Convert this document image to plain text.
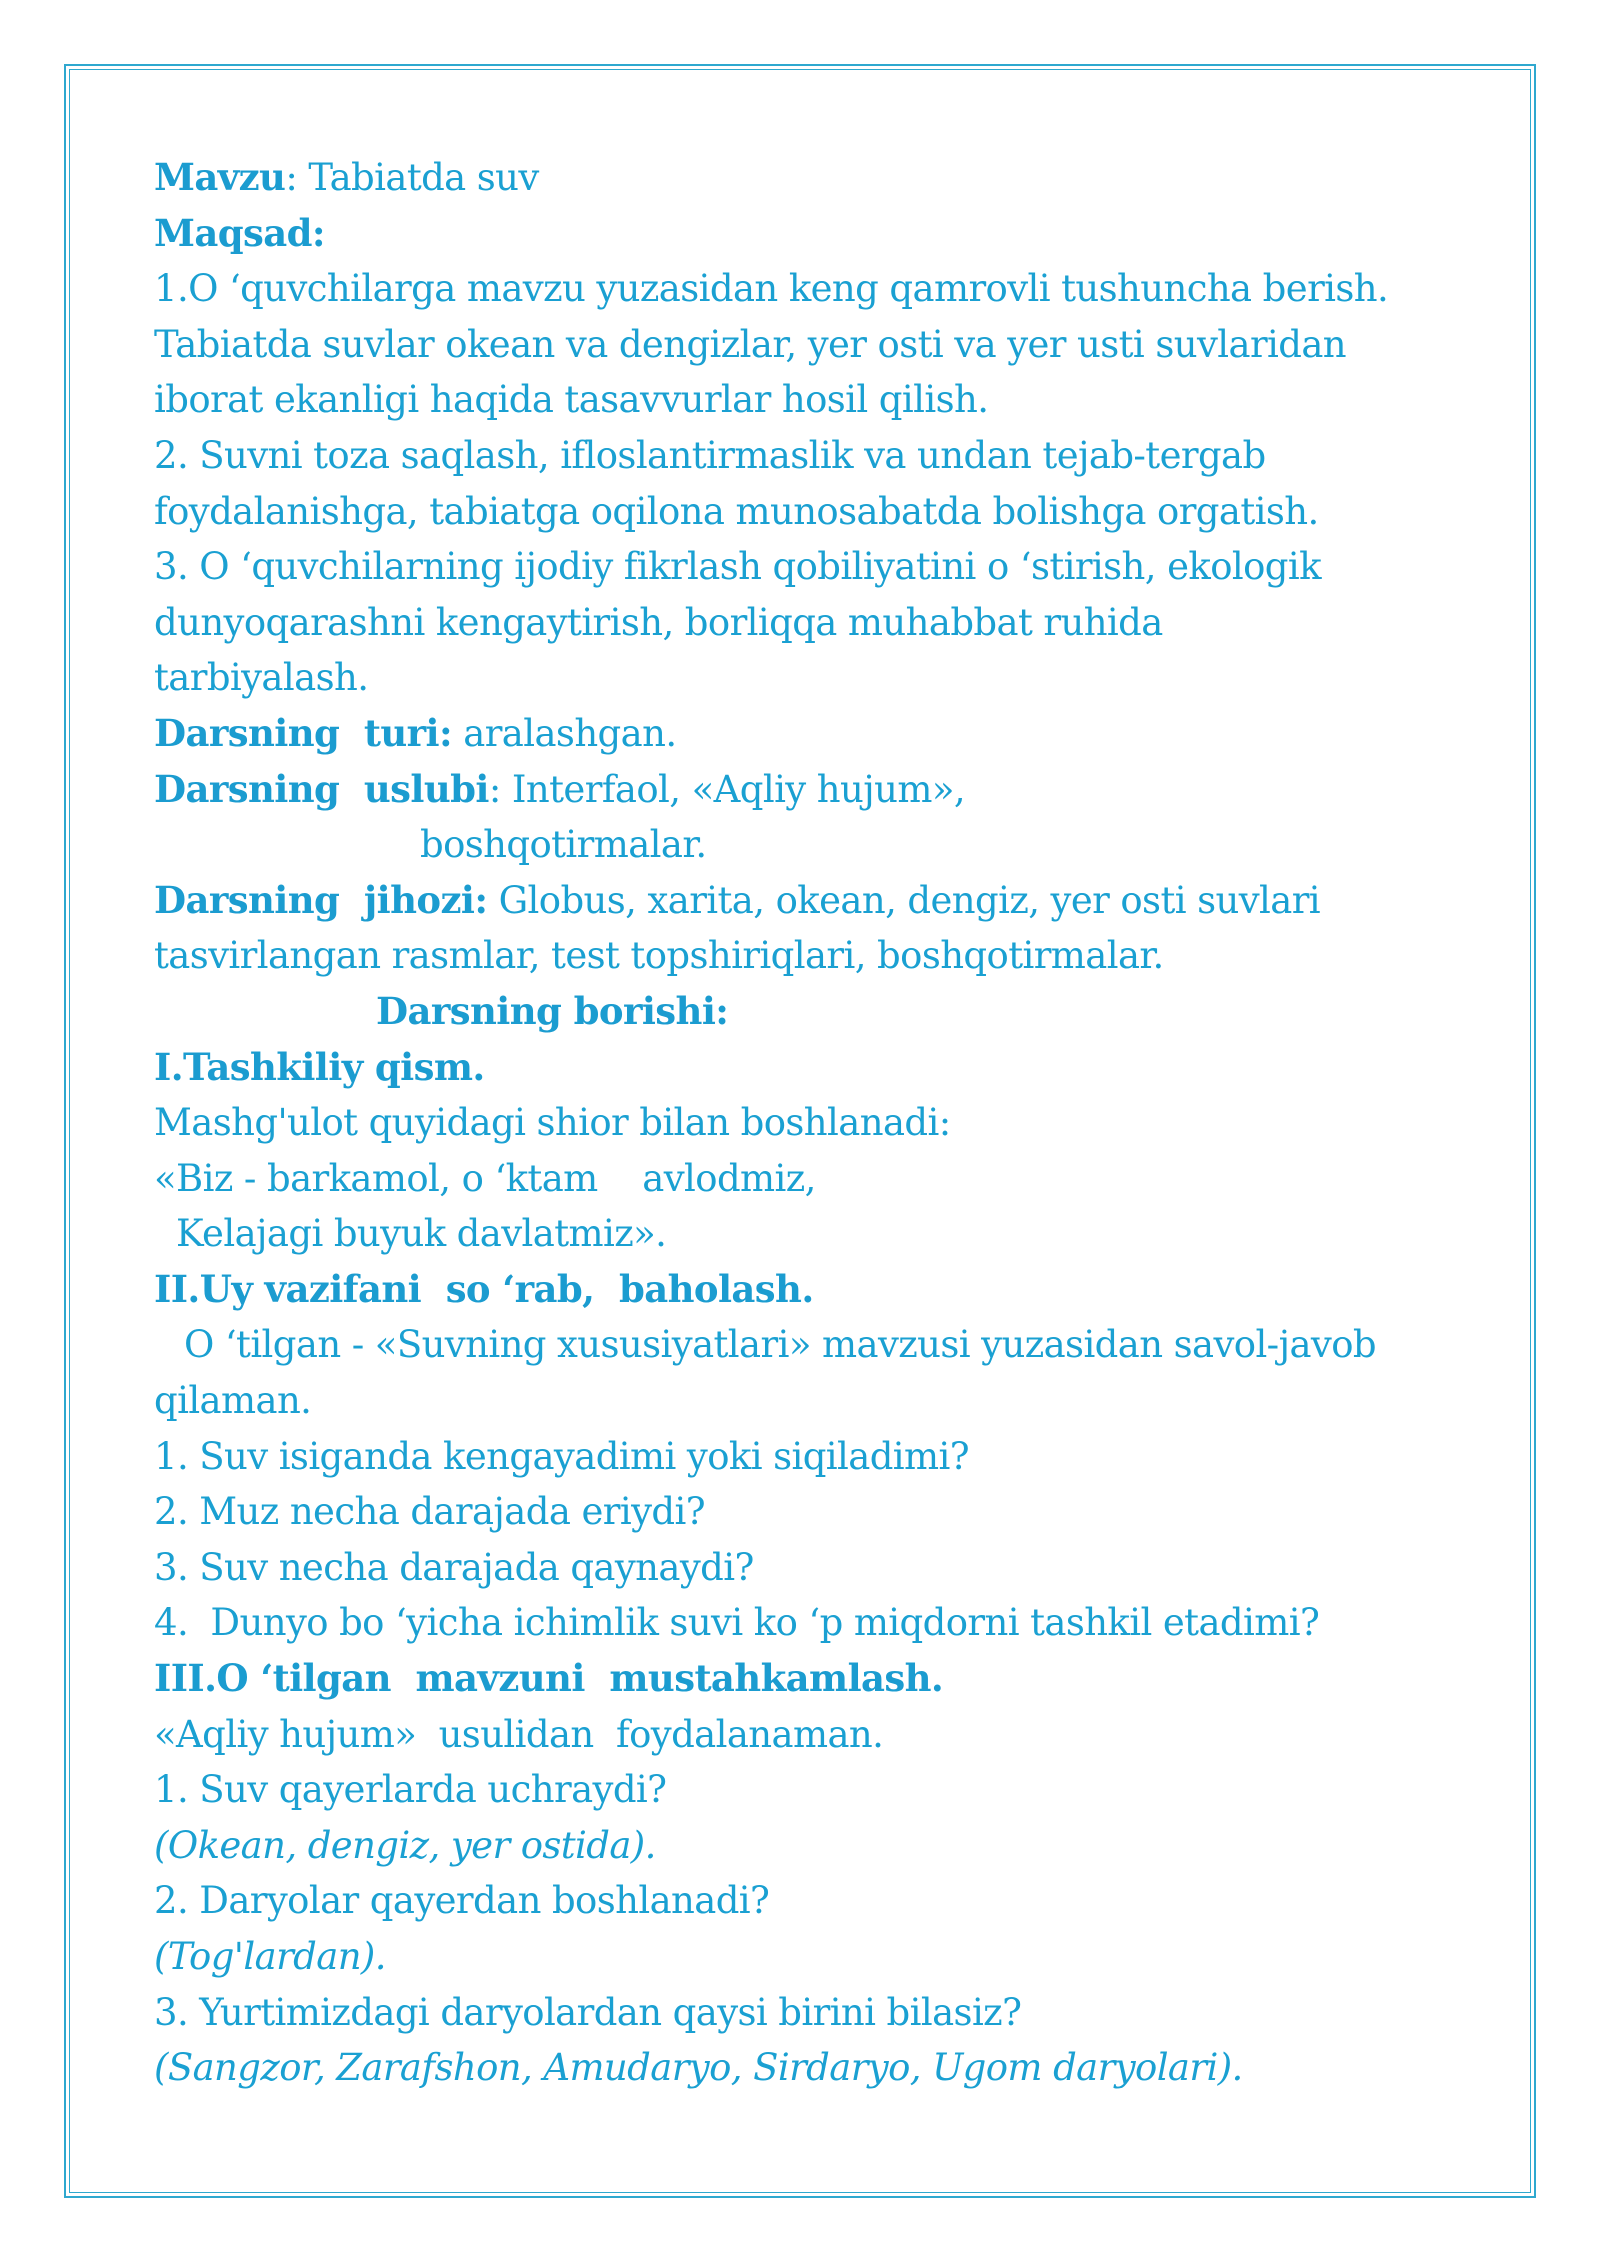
Mavzu: Tabiatda suv
Maqsad:
1.O ‘quvchilarga mavzu yuzasidan keng qamrovli tushuncha berish.
Tabiatda suvlar okean va dengizlar, yer osti va yer usti suvlaridan
iborat ekanligi haqida tasavvurlar hosil qilish.
2. Suvni toza saqlash, ifloslantirmaslik va undan tejab-tergab
foydalanishga, tabiatga oqilona munosabatda bolishga orgatish.
3. O ‘quvchilarning ijodiy fikrlash qobiliyatini o ‘stirish, ekologik
dunyoqarashni kengaytirish, borliqqa muhabbat ruhida
tarbiyalash.
Darsning  turi: aralashgan.
Darsning  uslubi: Interfaol, «Aqliy hujum»,
boshqotirmalar.
Darsning  jihozi: Globus, xarita, okean, dengiz, yer osti suvlari
tasvirlangan rasmlar, test topshiriqlari, boshqotirmalar.
Darsning borishi:
I.Tashkiliy qism.
Mashg'ulot quyidagi shior bilan boshlanadi:
«Biz - barkamol, o ‘ktam    avlodmiz,
Kelajagi buyuk davlatmiz».
II.Uy vazifani  so ‘rab,  baholash.
O ‘tilgan - «Suvning xususiyatlari» mavzusi yuzasidan savol-javob
qilaman.
1. Suv isiganda kengayadimi yoki siqiladimi?
2. Muz necha darajada eriydi?
3. Suv necha darajada qaynaydi?
4.  Dunyo bo ‘yicha ichimlik suvi ko ‘p miqdorni tashkil etadimi?
III.O ‘tilgan  mavzuni  mustahkamlash.
«Aqliy hujum»  usulidan  foydalanaman.
1. Suv qayerlarda uchraydi?
(Okean, dengiz, yer ostida).
2. Daryolar qayerdan boshlanadi?
(Tog'lardan).
3. Yurtimizdagi daryolardan qaysi birini bilasiz?
(Sangzor, Zarafshon, Amudaryo, Sirdaryo, Ugom daryolari).
